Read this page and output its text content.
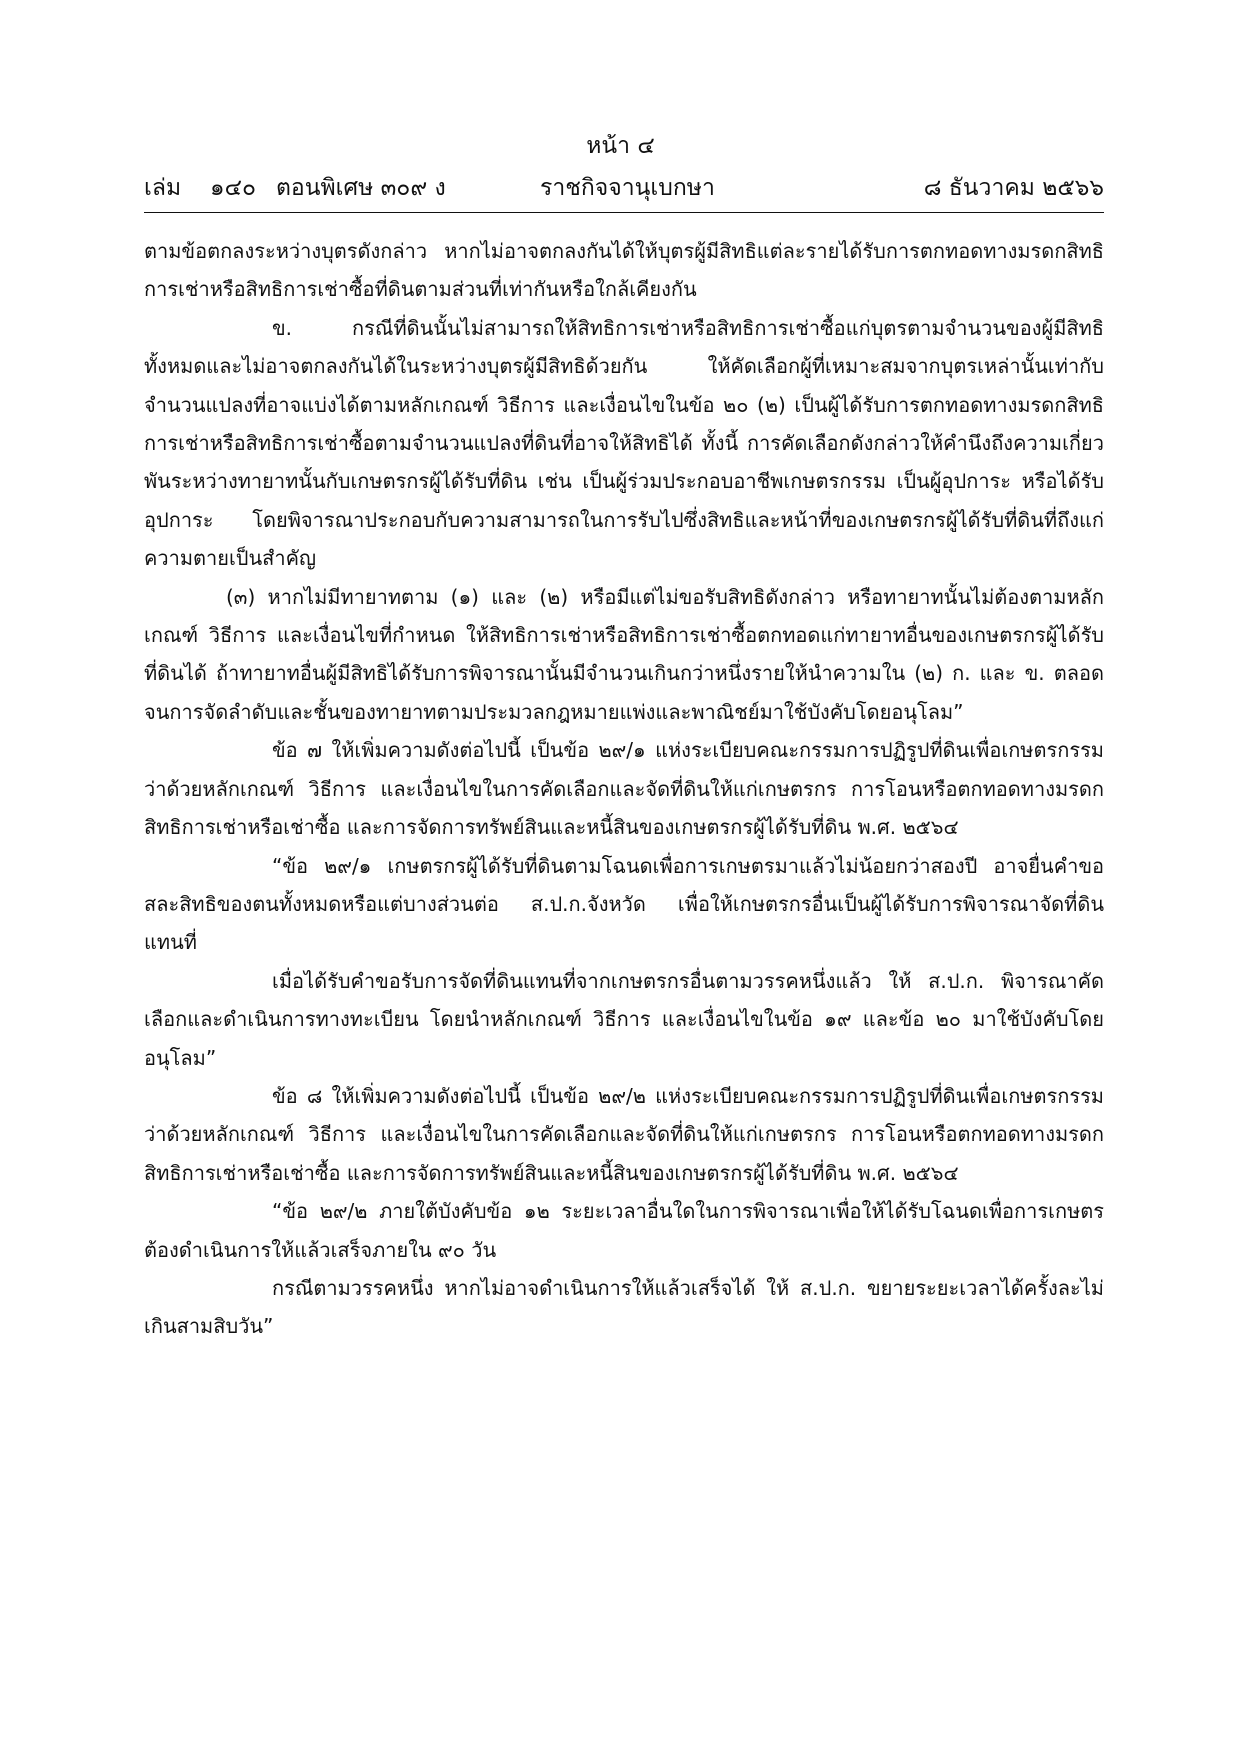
หน้า ๔
เล่ม ๑๔๐ ตอนพิเศษ ๓๐๙ ง	ราชกิจจานุเบกษา	๘ ธันวาคม ๒๕๖๖

ตามข้อตกลงระหว่างบุตรดังกล่าว หากไม่อาจตกลงกันได้ให้บุตรผู้มีสิทธิแต่ละรายได้รับการตกทอดทางมรดกสิทธิการเช่าหรือสิทธิการเช่าซื้อที่ดินตามส่วนที่เท่ากันหรือใกล้เคียงกัน

ข. กรณีที่ดินนั้นไม่สามารถให้สิทธิการเช่าหรือสิทธิการเช่าซื้อแก่บุตรตามจำนวนของผู้มีสิทธิทั้งหมดและไม่อาจตกลงกันได้ในระหว่างบุตรผู้มีสิทธิด้วยกัน ให้คัดเลือกผู้ที่เหมาะสมจากบุตรเหล่านั้นเท่ากับจำนวนแปลงที่อาจแบ่งได้ตามหลักเกณฑ์ วิธีการ และเงื่อนไขในข้อ ๒๐ (๒) เป็นผู้ได้รับการตกทอดทางมรดกสิทธิการเช่าหรือสิทธิการเช่าซื้อตามจำนวนแปลงที่ดินที่อาจให้สิทธิได้ ทั้งนี้ การคัดเลือกดังกล่าวให้คำนึงถึงความเกี่ยวพันระหว่างทายาทนั้นกับเกษตรกรผู้ได้รับที่ดิน เช่น เป็นผู้ร่วมประกอบอาชีพเกษตรกรรม เป็นผู้อุปการะ หรือได้รับอุปการะ โดยพิจารณาประกอบกับความสามารถในการรับไปซึ่งสิทธิและหน้าที่ของเกษตรกรผู้ได้รับที่ดินที่ถึงแก่ความตายเป็นสำคัญ

(๓) หากไม่มีทายาทตาม (๑) และ (๒) หรือมีแต่ไม่ขอรับสิทธิดังกล่าว หรือทายาทนั้นไม่ต้องตามหลักเกณฑ์ วิธีการ และเงื่อนไขที่กำหนด ให้สิทธิการเช่าหรือสิทธิการเช่าซื้อตกทอดแก่ทายาทอื่นของเกษตรกรผู้ได้รับที่ดินได้ ถ้าทายาทอื่นผู้มีสิทธิได้รับการพิจารณานั้นมีจำนวนเกินกว่าหนึ่งรายให้นำความใน (๒) ก. และ ข. ตลอดจนการจัดลำดับและชั้นของทายาทตามประมวลกฎหมายแพ่งและพาณิชย์มาใช้บังคับโดยอนุโลม”

ข้อ ๗ ให้เพิ่มความดังต่อไปนี้ เป็นข้อ ๒๙/๑ แห่งระเบียบคณะกรรมการปฏิรูปที่ดินเพื่อเกษตรกรรม ว่าด้วยหลักเกณฑ์ วิธีการ และเงื่อนไขในการคัดเลือกและจัดที่ดินให้แก่เกษตรกร การโอนหรือตกทอดทางมรดกสิทธิการเช่าหรือเช่าซื้อ และการจัดการทรัพย์สินและหนี้สินของเกษตรกรผู้ได้รับที่ดิน พ.ศ. ๒๕๖๔

“ข้อ ๒๙/๑ เกษตรกรผู้ได้รับที่ดินตามโฉนดเพื่อการเกษตรมาแล้วไม่น้อยกว่าสองปี อาจยื่นคำขอสละสิทธิของตนทั้งหมดหรือแต่บางส่วนต่อ ส.ป.ก.จังหวัด เพื่อให้เกษตรกรอื่นเป็นผู้ได้รับการพิจารณาจัดที่ดินแทนที่

เมื่อได้รับคำขอรับการจัดที่ดินแทนที่จากเกษตรกรอื่นตามวรรคหนึ่งแล้ว ให้ ส.ป.ก. พิจารณาคัดเลือกและดำเนินการทางทะเบียน โดยนำหลักเกณฑ์ วิธีการ และเงื่อนไขในข้อ ๑๙ และข้อ ๒๐ มาใช้บังคับโดยอนุโลม”

ข้อ ๘ ให้เพิ่มความดังต่อไปนี้ เป็นข้อ ๒๙/๒ แห่งระเบียบคณะกรรมการปฏิรูปที่ดินเพื่อเกษตรกรรม ว่าด้วยหลักเกณฑ์ วิธีการ และเงื่อนไขในการคัดเลือกและจัดที่ดินให้แก่เกษตรกร การโอนหรือตกทอดทางมรดกสิทธิการเช่าหรือเช่าซื้อ และการจัดการทรัพย์สินและหนี้สินของเกษตรกรผู้ได้รับที่ดิน พ.ศ. ๒๕๖๔

“ข้อ ๒๙/๒ ภายใต้บังคับข้อ ๑๒ ระยะเวลาอื่นใดในการพิจารณาเพื่อให้ได้รับโฉนดเพื่อการเกษตรต้องดำเนินการให้แล้วเสร็จภายใน ๙๐ วัน

กรณีตามวรรคหนึ่ง หากไม่อาจดำเนินการให้แล้วเสร็จได้ ให้ ส.ป.ก. ขยายระยะเวลาได้ครั้งละไม่เกินสามสิบวัน”
